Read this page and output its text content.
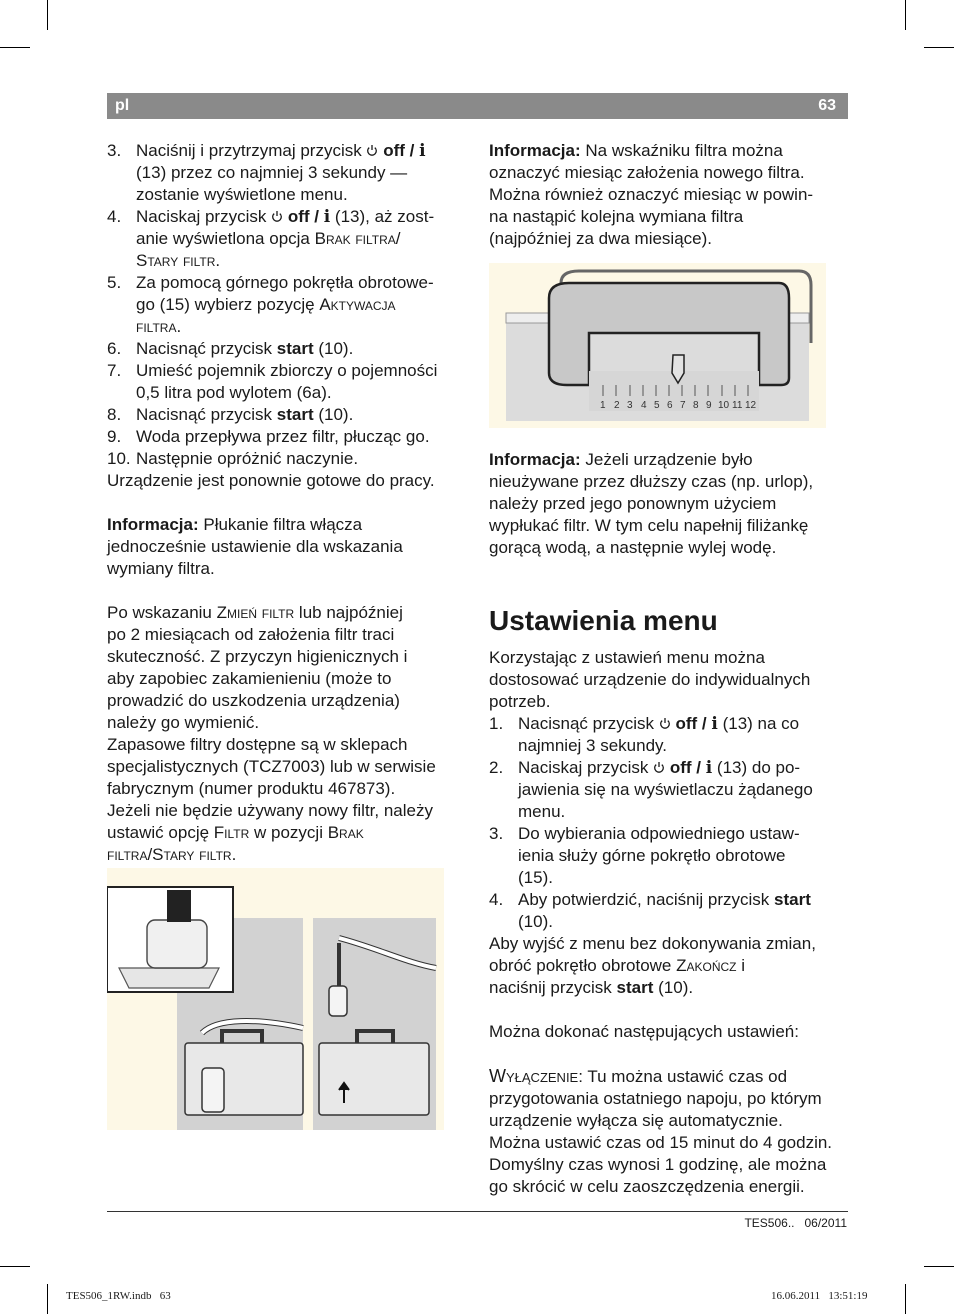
pl	63
3. Naciśnij i przytrzymaj przycisk  off / i
(13) przez co najmniej 3 sekundy —
zostanie wyświetlone menu.
4. Naciskaj przycisk  off / i (13), aż zost-
anie wyświetlona opcja Brak filtra/
Stary filtr.
5. Za pomocą górnego pokrętła obrotowe-
go (15) wybierz pozycję Aktywacja
filtra.
6. Nacisnąć przycisk start (10).
7. Umieść pojemnik zbiorczy o pojemności
0,5 litra pod wylotem (6a).
8. Nacisnąć przycisk start (10).
9. Woda przepływa przez filtr, płucząc go.
10. Następnie opróżnić naczynie.

Urządzenie jest ponownie gotowe do pracy.

Informacja: Płukanie filtra włącza
jednocześnie ustawienie dla wskazania
wymiany filtra.

Po wskazaniu Zmień filtr lub najpóźniej
po 2 miesiącach od założenia filtr traci
skuteczność. Z przyczyn higienicznych i
aby zapobiec zakamienieniu (może to
prowadzić do uszkodzenia urządzenia)
należy go wymienić.
Zapasowe filtry dostępne są w sklepach
specjalistycznych (TCZ7003) lub w serwisie
fabrycznym (numer produktu 467873).
Jeżeli nie będzie używany nowy filtr, należy
ustawić opcję Filtr w pozycji Brak
filtra/Stary filtr.

Informacja: Na wskaźniku filtra można
oznaczyć miesiąc założenia nowego filtra.
Można również oznaczyć miesiąc w powin-
na nastąpić kolejna wymiana filtra
(najpóźniej za dwa miesiące).

1 2 3 4 5 6 7 8 9 10 11 12

Informacja: Jeżeli urządzenie było
nieużywane przez dłuższy czas (np. urlop),
należy przed jego ponownym użyciem
wypłukać filtr. W tym celu napełnij filiżankę
gorącą wodą, a następnie wylej wodę.

Ustawienia menu

Korzystając z ustawień menu można
dostosować urządzenie do indywidualnych
potrzeb.

1. Nacisnąć przycisk  off / i (13) na co
najmniej 3 sekundy.
2. Naciskaj przycisk  off / i (13) do po-
jawienia się na wyświetlaczu żądanego
menu.
3. Do wybierania odpowiedniego ustaw-
ienia służy górne pokrętło obrotowe
(15).
4. Aby potwierdzić, naciśnij przycisk start
(10).

Aby wyjść z menu bez dokonywania zmian,
obróć pokrętło obrotowe Zakończ i
naciśnij przycisk start (10).

Można dokonać następujących ustawień:

Wyłączenie: Tu można ustawić czas od
przygotowania ostatniego napoju, po którym
urządzenie wyłącza się automatycznie.
Można ustawić czas od 15 minut do 4 godzin.
Domyślny czas wynosi 1 godzinę, ale można
go skrócić w celu zaoszczędzenia energii.

TES506.. 06/2011
TES506_1RW.indb   63	16.06.2011   13:51:19
